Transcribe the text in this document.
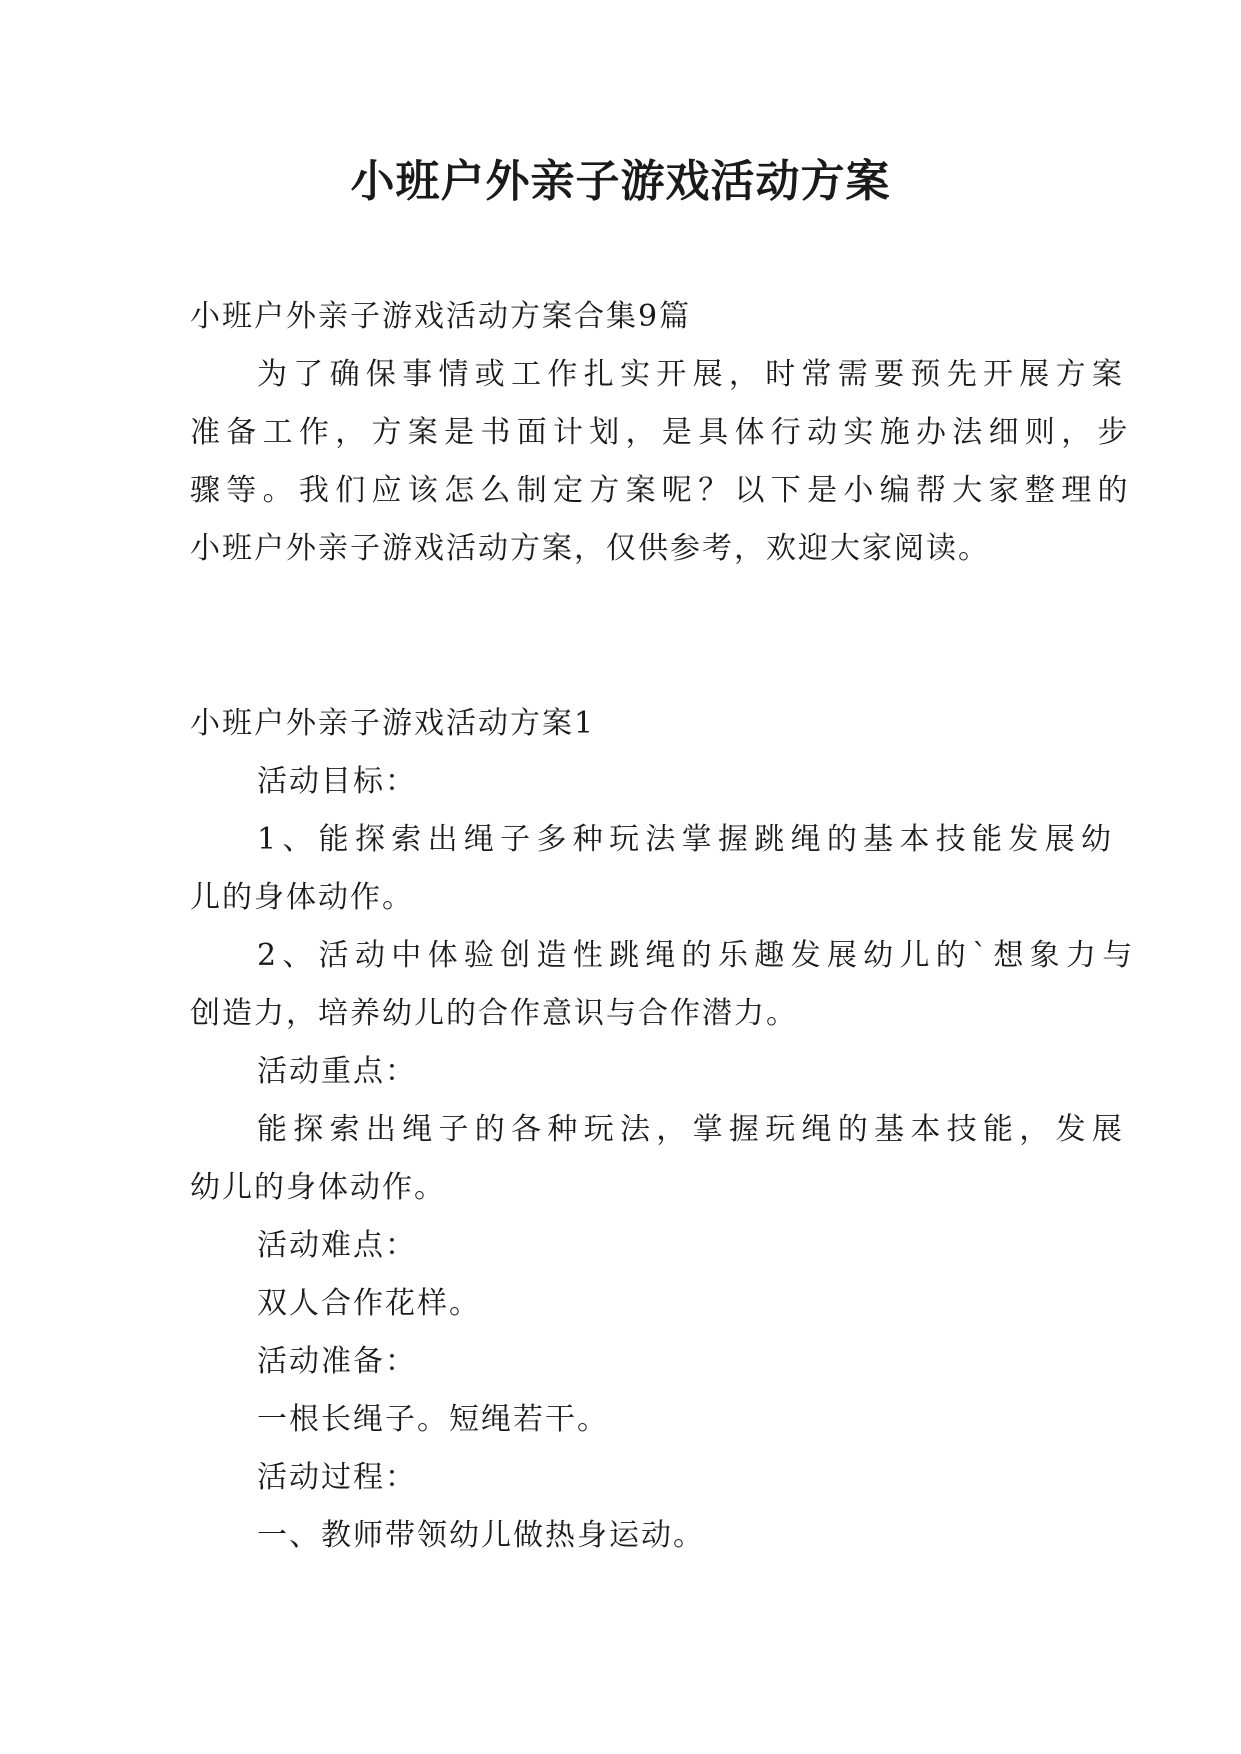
小班户外亲子游戏活动方案

小班户外亲子游戏活动方案合集9篇

为了确保事情或工作扎实开展，时常需要预先开展方案

准备工作，方案是书面计划，是具体行动实施办法细则，步

骤等。我们应该怎么制定方案呢？以下是小编帮大家整理的

小班户外亲子游戏活动方案，仅供参考，欢迎大家阅读。

小班户外亲子游戏活动方案1

活动目标：

1、能探索出绳子多种玩法掌握跳绳的基本技能发展幼

儿的身体动作。

2、活动中体验创造性跳绳的乐趣发展幼儿的`想象力与

创造力，培养幼儿的合作意识与合作潜力。

活动重点：

能探索出绳子的各种玩法，掌握玩绳的基本技能，发展

幼儿的身体动作。

活动难点：

双人合作花样。

活动准备：

一根长绳子。短绳若干。

活动过程：

一、教师带领幼儿做热身运动。
